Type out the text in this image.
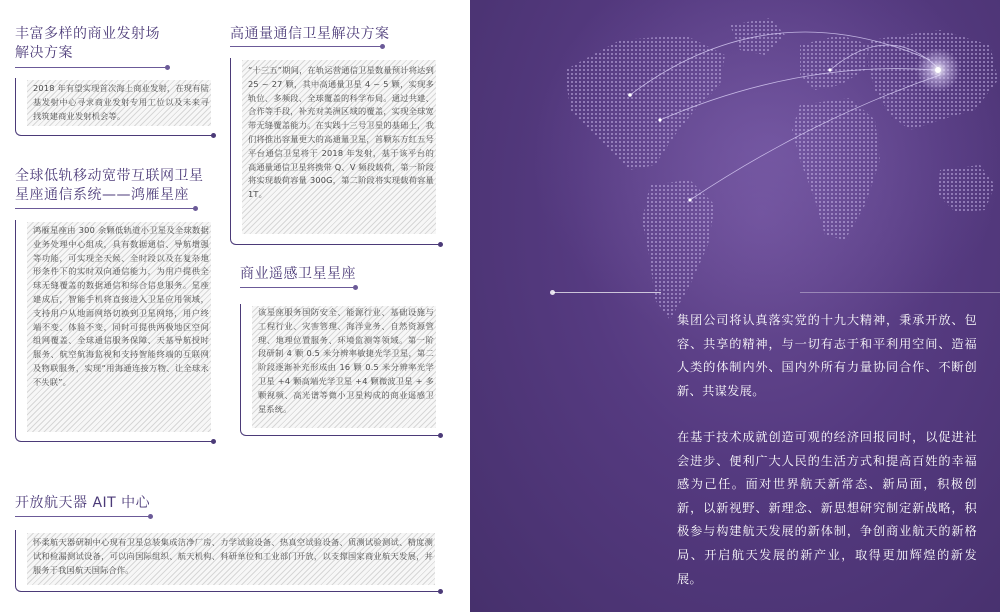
丰富多样的商业发射场
解决方案

2018 年有望实现首次海上商业发射，在现有陆基发射中心寻求商业发射专用工位以及未来寻找筑建商业发射机会等。

全球低轨移动宽带互联网卫星
星座通信系统——鸿雁星座

鸿雁星座由 300 余颗低轨道小卫星及全球数据业务处理中心组成，具有数据通信、导航增强等功能，可实现全天候、全时段以及在复杂地形条件下的实时双向通信能力，为用户提供全球无缝覆盖的数据通信和综合信息服务。星座建成后，智能手机将直接进入卫星应用领域，支持用户从地面网络切换到卫星网络，用户终端不变、体验不变，同时可提供两极地区空间组网覆盖、全球通信服务保障、天基导航授时服务、航空航海监视和支持智能终端的互联网及物联服务，实现“用海通连接万物、让全球永不失联”。

高通量通信卫星解决方案

“十三五”期间，在轨运营通信卫星数量预计将达到 25 ~ 27 颗，其中高通量卫星 4 ~ 5 颗，实现多轨位、多频段、全球覆盖的科学布局。通过共建、合作等手段，补充对美洲区域的覆盖，实现全球宽带无缝覆盖能力。在实践十三号卫星的基础上，我们将推出容量更大的高通量卫星，首颗东方红五号平台通信卫星将于 2018 年发射，基于该平台的高通量通信卫星将携带 Q、V 频段载荷，第一阶段将实现载荷容量 300G，第二阶段将实现载荷容量 1T。

商业遥感卫星星座

该星座服务国防安全、能源行业、基础设施与工程行业、灾害管理、海洋业务、自然资源管理、地理位置服务、环境监测等领域。第一阶段研制 4 颗 0.5 米分辨率敏捷光学卫星，第二阶段逐渐补充形成由 16 颗 0.5 米分辨率光学卫星 +4 颗高端光学卫星 +4 颗微波卫星 + 多颗视频、高光谱等微小卫星构成的商业遥感卫星系统。

开放航天器 AIT 中心

怀柔航天器研制中心现有卫星总装集成洁净厂房、力学试验设备、热真空试验设备、质测试验测试、精度测试和检漏测试设备，可以向国际组织、航天机构、科研单位和工业部门开放，以支撑国家商业航天发展，并服务于我国航天国际合作。

集团公司将认真落实党的十九大精神，秉承开放、包容、共享的精神，与一切有志于和平利用空间、造福人类的体制内外、国内外所有力量协同合作、不断创新、共谋发展。

在基于技术成就创造可观的经济回报同时，以促进社会进步、便利广大人民的生活方式和提高百姓的幸福感为己任。面对世界航天新常态、新局面，积极创新，以新视野、新理念、新思想研究制定新战略，积极参与构建航天发展的新体制，争创商业航天的新格局、开启航天发展的新产业，取得更加辉煌的新发展。
